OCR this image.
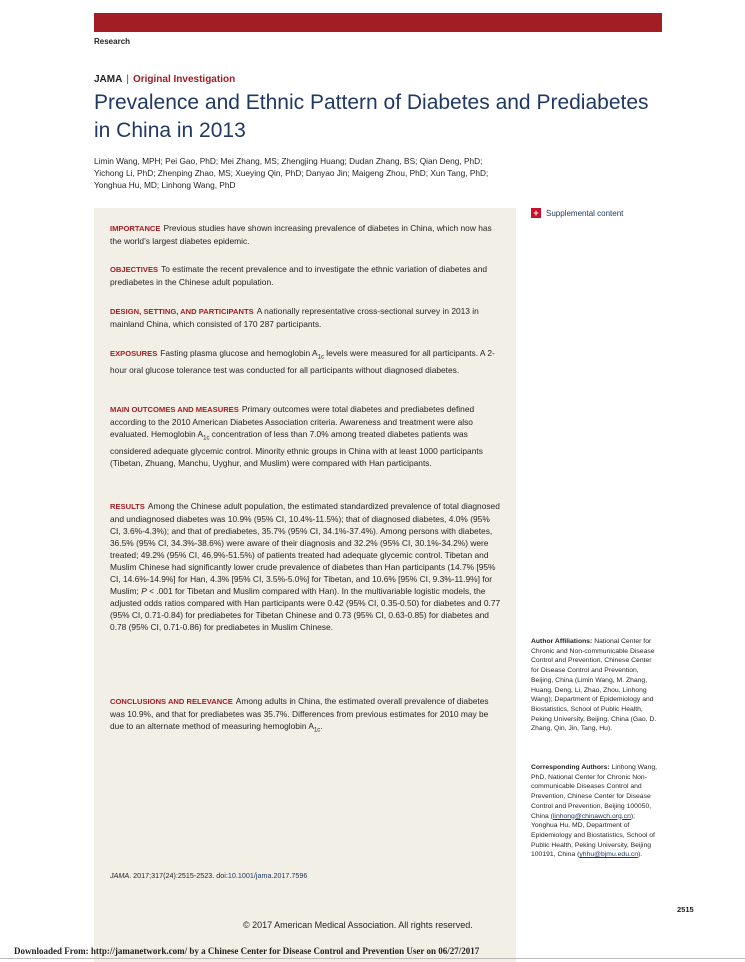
Research
JAMA | Original Investigation
Prevalence and Ethnic Pattern of Diabetes and Prediabetes in China in 2013
Limin Wang, MPH; Pei Gao, PhD; Mei Zhang, MS; Zhengjing Huang; Dudan Zhang, BS; Qian Deng, PhD;
Yichong Li, PhD; Zhenping Zhao, MS; Xueying Qin, PhD; Danyao Jin; Maigeng Zhou, PhD; Xun Tang, PhD;
Yonghua Hu, MD; Linhong Wang, PhD
IMPORTANCE Previous studies have shown increasing prevalence of diabetes in China, which now has the world’s largest diabetes epidemic.
OBJECTIVES To estimate the recent prevalence and to investigate the ethnic variation of diabetes and prediabetes in the Chinese adult population.
DESIGN, SETTING, AND PARTICIPANTS A nationally representative cross-sectional survey in 2013 in mainland China, which consisted of 170 287 participants.
EXPOSURES Fasting plasma glucose and hemoglobin $A_{1c}$ levels were measured for all participants. A 2-hour oral glucose tolerance test was conducted for all participants without diagnosed diabetes.
MAIN OUTCOMES AND MEASURES Primary outcomes were total diabetes and prediabetes defined according to the 2010 American Diabetes Association criteria. Awareness and treatment were also evaluated. Hemoglobin $A_{1c}$ concentration of less than 7.0% among treated diabetes patients was considered adequate glycemic control. Minority ethnic groups in China with at least 1000 participants (Tibetan, Zhuang, Manchu, Uyghur, and Muslim) were compared with Han participants.
RESULTS Among the Chinese adult population, the estimated standardized prevalence of total diagnosed and undiagnosed diabetes was 10.9% (95% CI, 10.4%-11.5%); that of diagnosed diabetes, 4.0% (95% CI, 3.6%-4.3%); and that of prediabetes, 35.7% (95% CI, 34.1%-37.4%). Among persons with diabetes, 36.5% (95% CI, 34.3%-38.6%) were aware of their diagnosis and 32.2% (95% CI, 30.1%-34.2%) were treated; 49.2% (95% CI, 46.9%-51.5%) of patients treated had adequate glycemic control. Tibetan and Muslim Chinese had significantly lower crude prevalence of diabetes than Han participants (14.7% [95% CI, 14.6%-14.9%] for Han, 4.3% [95% CI, 3.5%-5.0%] for Tibetan, and 10.6% [95% CI, 9.3%-11.9%] for Muslim; P < .001 for Tibetan and Muslim compared with Han). In the multivariable logistic models, the adjusted odds ratios compared with Han participants were 0.42 (95% CI, 0.35-0.50) for diabetes and 0.77 (95% CI, 0.71-0.84) for prediabetes for Tibetan Chinese and 0.73 (95% CI, 0.63-0.85) for diabetes and 0.78 (95% CI, 0.71-0.86) for prediabetes in Muslim Chinese.
CONCLUSIONS AND RELEVANCE Among adults in China, the estimated overall prevalence of diabetes was 10.9%, and that for prediabetes was 35.7%. Differences from previous estimates for 2010 may be due to an alternate method of measuring hemoglobin $A_{1c}$.
+ Supplemental content
Author Affiliations: National Center for Chronic and Non-communicable Disease Control and Prevention, Chinese Center for Disease Control and Prevention, Beijing, China (Limin Wang, M. Zhang, Huang, Deng, Li, Zhao, Zhou, Linhong Wang); Department of Epidemiology and Biostatistics, School of Public Health, Peking University, Beijing, China (Gao, D. Zhang, Qin, Jin, Tang, Hu).
Corresponding Authors: Linhong Wang, PhD, National Center for Chronic Non-communicable Diseases Control and Prevention, Chinese Center for Disease Control and Prevention, Beijing 100050, China (linhong@chinawch.org.cn); Yonghua Hu, MD, Department of Epidemiology and Biostatistics, School of Public Health, Peking University, Beijing 100191, China (yhhu@bjmu.edu.cn).
JAMA. 2017;317(24):2515-2523. doi:10.1001/jama.2017.7596
© 2017 American Medical Association. All rights reserved.
2515
Downloaded From: http://jamanetwork.com/ by a Chinese Center for Disease Control and Prevention User on 06/27/2017
